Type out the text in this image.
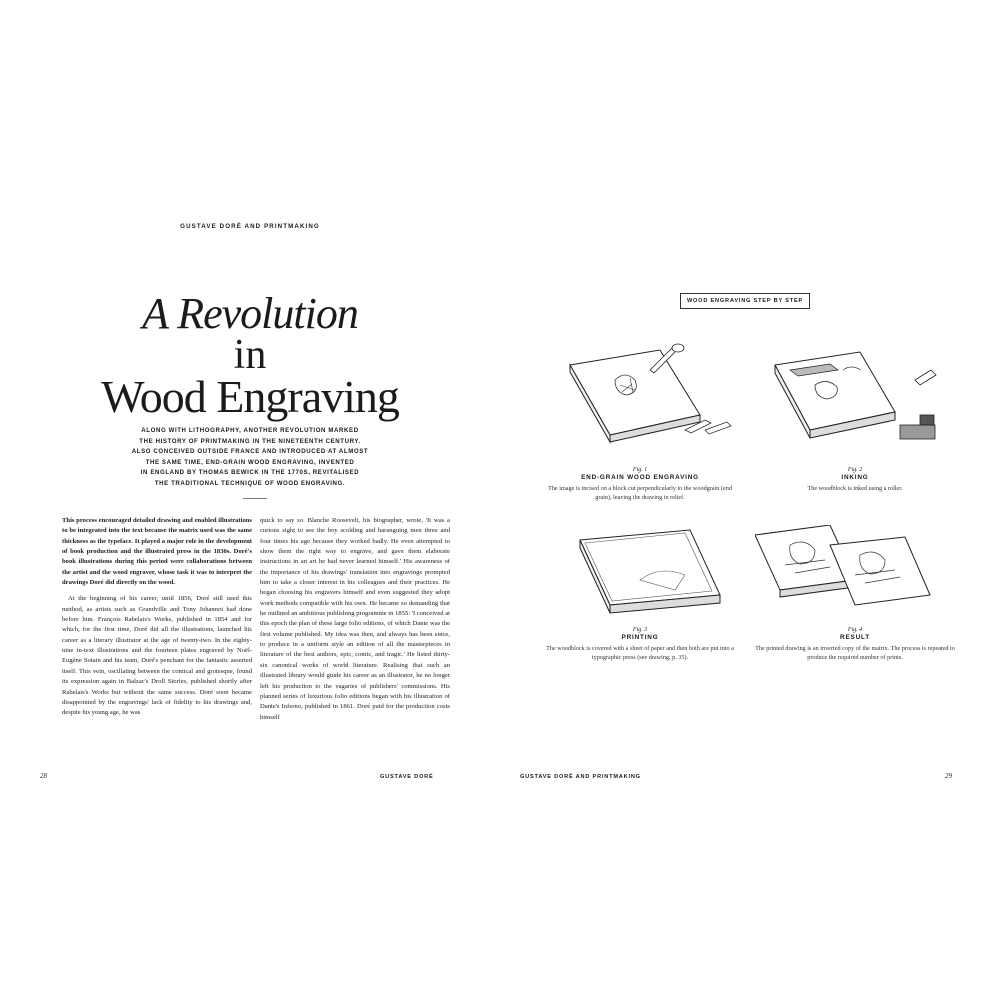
GUSTAVE DORÉ AND PRINTMAKING
A Revolution
in
Wood Engraving
ALONG WITH LITHOGRAPHY, ANOTHER REVOLUTION MARKED
THE HISTORY OF PRINTMAKING IN THE NINETEENTH CENTURY.
ALSO CONCEIVED OUTSIDE FRANCE AND INTRODUCED AT ALMOST
THE SAME TIME, END-GRAIN WOOD ENGRAVING, INVENTED
IN ENGLAND BY THOMAS BEWICK IN THE 1770S, REVITALISED
THE TRADITIONAL TECHNIQUE OF WOOD ENGRAVING.

This process encouraged detailed drawing and enabled illustrations to be integrated into the text because the matrix used was the same thickness as the typeface. It played a major role in the development of book production and the illustrated press in the 1830s. Doré's book illustrations during this period were collaborations between the artist and the wood engraver, whose task it was to interpret the drawings Doré did directly on the wood.

At the beginning of his career, until 1856, Doré still used this method, as artists such as Grandville and Tony Johannot had done before him. François Rabelais's Works, published in 1854 and for which, for the first time, Doré did all the illustrations, launched his career as a literary illustrator at the age of twenty-two. In the eighty-nine in-text illustrations and the fourteen plates engraved by Noël-Eugène Sotain and his team, Doré's penchant for the fantastic asserted itself. This vein, oscillating between the comical and grotesque, found its expression again in Balzac's Droll Stories, published shortly after Rabelais's Works but without the same success. Doré soon became disappointed by the engravings' lack of fidelity to his drawings and, despite his young age, he was

quick to say so. Blanche Roosevelt, his biographer, wrote, 'It was a curious sight to see the boy scolding and haranguing men three and four times his age because they worked badly. He even attempted to show them the right way to engrave, and gave them elaborate instructions in an art he had never learned himself.' His awareness of the importance of his drawings' translation into engravings prompted him to take a closer interest in his colleagues and their practices. He began choosing his engravers himself and even suggested they adopt work methods compatible with his own. He became so demanding that he outlined an ambitious publishing programme in 1855: 'I conceived at this epoch the plan of these large folio editions, of which Dante was the first volume published. My idea was then, and always has been since, to produce in a uniform style an edition of all the masterpieces in literature of the best authors, epic, comic, and tragic.' He listed thirty-six canonical works of world literature. Realising that such an illustrated library would guide his career as an illustrator, he no longer left his production to the vagaries of publishers' commissions. His planned series of luxurious folio editions began with his illustration of Dante's Inferno, published in 1861. Doré paid for the production costs himself

28	GUSTAVE DORÉ
WOOD ENGRAVING STEP BY STEP
Fig. 1
END-GRAIN WOOD ENGRAVING
The image is incised on a block cut perpendicularly to the woodgrain (end grain), leaving the drawing in relief.
Fig. 2
INKING
The woodblock is inked using a roller.
Fig. 3
PRINTING
The woodblock is covered with a sheet of paper and then both are put into a typographic press (see drawing, p. 35).
Fig. 4
RESULT
The printed drawing is an inverted copy of the matrix. The process is repeated to produce the required number of prints.
GUSTAVE DORÉ AND PRINTMAKING	29
